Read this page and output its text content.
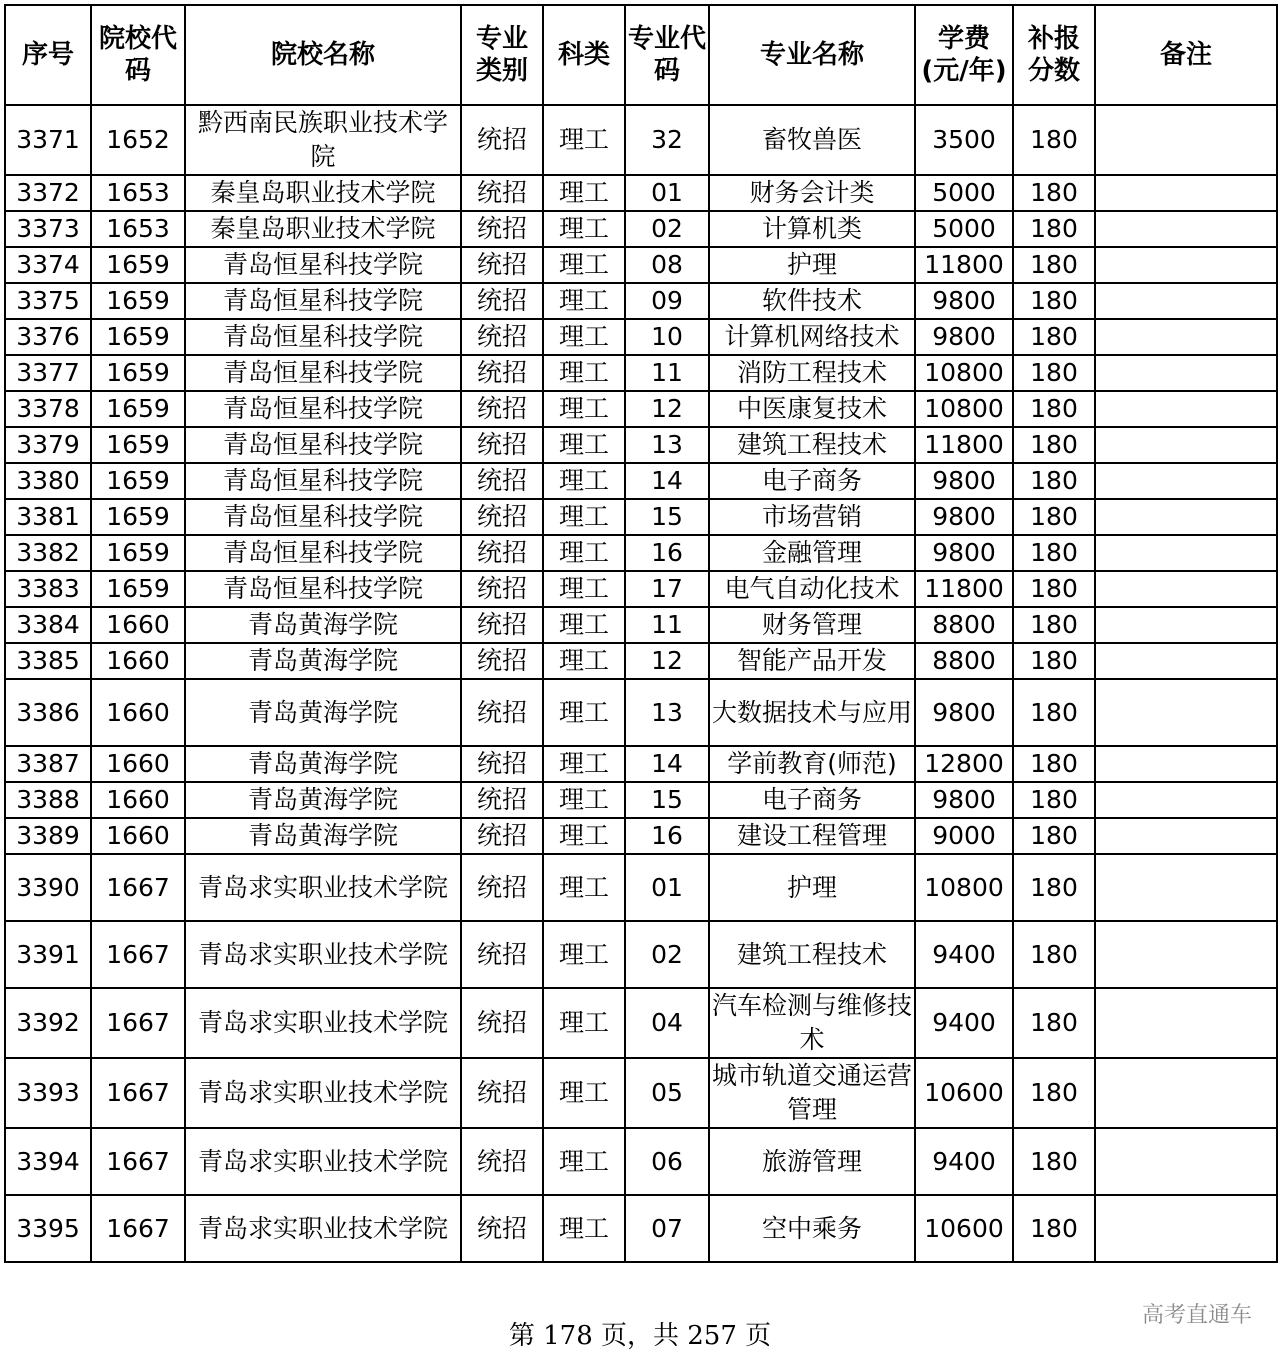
序号	院校代码	院校名称	专业类别	科类	专业代码	专业名称	学费(元/年)	补报分数	备注
3371	1652	黔西南民族职业技术学院	统招	理工	32	畜牧兽医	3500	180	
3372	1653	秦皇岛职业技术学院	统招	理工	01	财务会计类	5000	180	
3373	1653	秦皇岛职业技术学院	统招	理工	02	计算机类	5000	180	
3374	1659	青岛恒星科技学院	统招	理工	08	护理	11800	180	
3375	1659	青岛恒星科技学院	统招	理工	09	软件技术	9800	180	
3376	1659	青岛恒星科技学院	统招	理工	10	计算机网络技术	9800	180	
3377	1659	青岛恒星科技学院	统招	理工	11	消防工程技术	10800	180	
3378	1659	青岛恒星科技学院	统招	理工	12	中医康复技术	10800	180	
3379	1659	青岛恒星科技学院	统招	理工	13	建筑工程技术	11800	180	
3380	1659	青岛恒星科技学院	统招	理工	14	电子商务	9800	180	
3381	1659	青岛恒星科技学院	统招	理工	15	市场营销	9800	180	
3382	1659	青岛恒星科技学院	统招	理工	16	金融管理	9800	180	
3383	1659	青岛恒星科技学院	统招	理工	17	电气自动化技术	11800	180	
3384	1660	青岛黄海学院	统招	理工	11	财务管理	8800	180	
3385	1660	青岛黄海学院	统招	理工	12	智能产品开发	8800	180	
3386	1660	青岛黄海学院	统招	理工	13	大数据技术与应用	9800	180	
3387	1660	青岛黄海学院	统招	理工	14	学前教育(师范)	12800	180	
3388	1660	青岛黄海学院	统招	理工	15	电子商务	9800	180	
3389	1660	青岛黄海学院	统招	理工	16	建设工程管理	9000	180	
3390	1667	青岛求实职业技术学院	统招	理工	01	护理	10800	180	
3391	1667	青岛求实职业技术学院	统招	理工	02	建筑工程技术	9400	180	
3392	1667	青岛求实职业技术学院	统招	理工	04	汽车检测与维修技术	9400	180	
3393	1667	青岛求实职业技术学院	统招	理工	05	城市轨道交通运营管理	10600	180	
3394	1667	青岛求实职业技术学院	统招	理工	06	旅游管理	9400	180	
3395	1667	青岛求实职业技术学院	统招	理工	07	空中乘务	10600	180	
第 178 页，共 257 页
高考直通车
